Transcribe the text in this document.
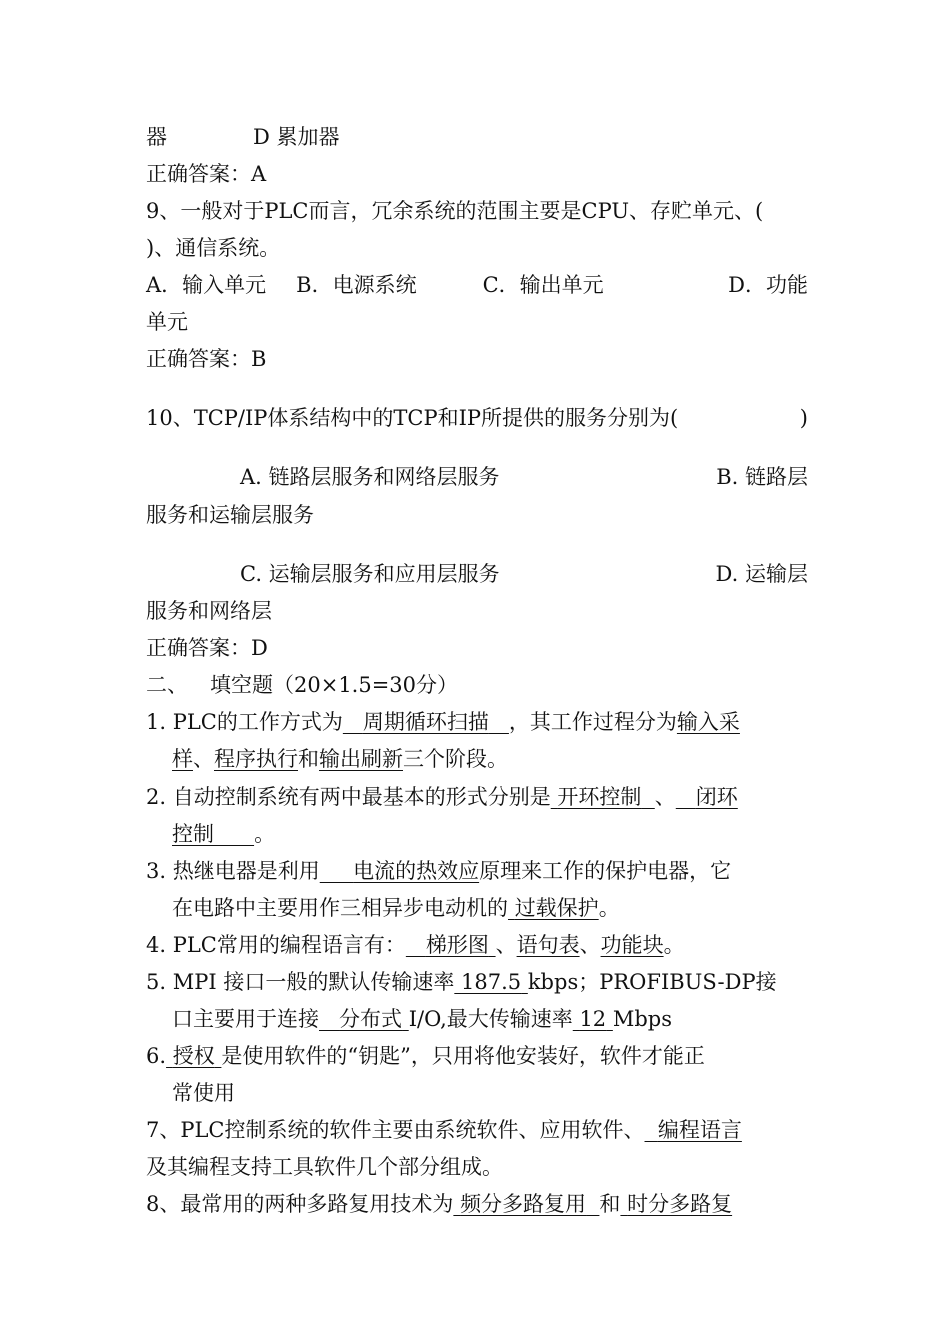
器	D 累加器
正确答案：A
9、一般对于PLC而言，冗余系统的范围主要是CPU、存贮单元、(
)、通信系统。
A．输入单元 B．电源系统	C．输出单元	D．功能
单元
正确答案：B
10、TCP/IP体系结构中的TCP和IP所提供的服务分别为(	)
A. 链路层服务和网络层服务	B. 链路层
服务和运输层服务
C. 运输层服务和应用层服务	D. 运输层
服务和网络层
正确答案：D
二、 填空题（20×1.5=30分）
1. PLC的工作方式为 周期循环扫描 ，其工作过程分为输入采
样、程序执行和输出刷新三个阶段。
2. 自动控制系统有两中最基本的形式分别是 开环控制 、 闭环
控制 。
3. 热继电器是利用 电流的热效应原理来工作的保护电器，它
在电路中主要用作三相异步电动机的 过载保护。
4. PLC常用的编程语言有： 梯形图 、语句表、功能块。
5. MPI 接口一般的默认传输速率 187.5 kbps；PROFIBUS-DP接
口主要用于连接 分布式 I/O,最大传输速率 12 Mbps
6. 授权 是使用软件的“钥匙”，只用将他安装好，软件才能正
常使用
7、PLC控制系统的软件主要由系统软件、应用软件、 编程语言
及其编程支持工具软件几个部分组成。
8、最常用的两种多路复用技术为 频分多路复用 和 时分多路复
